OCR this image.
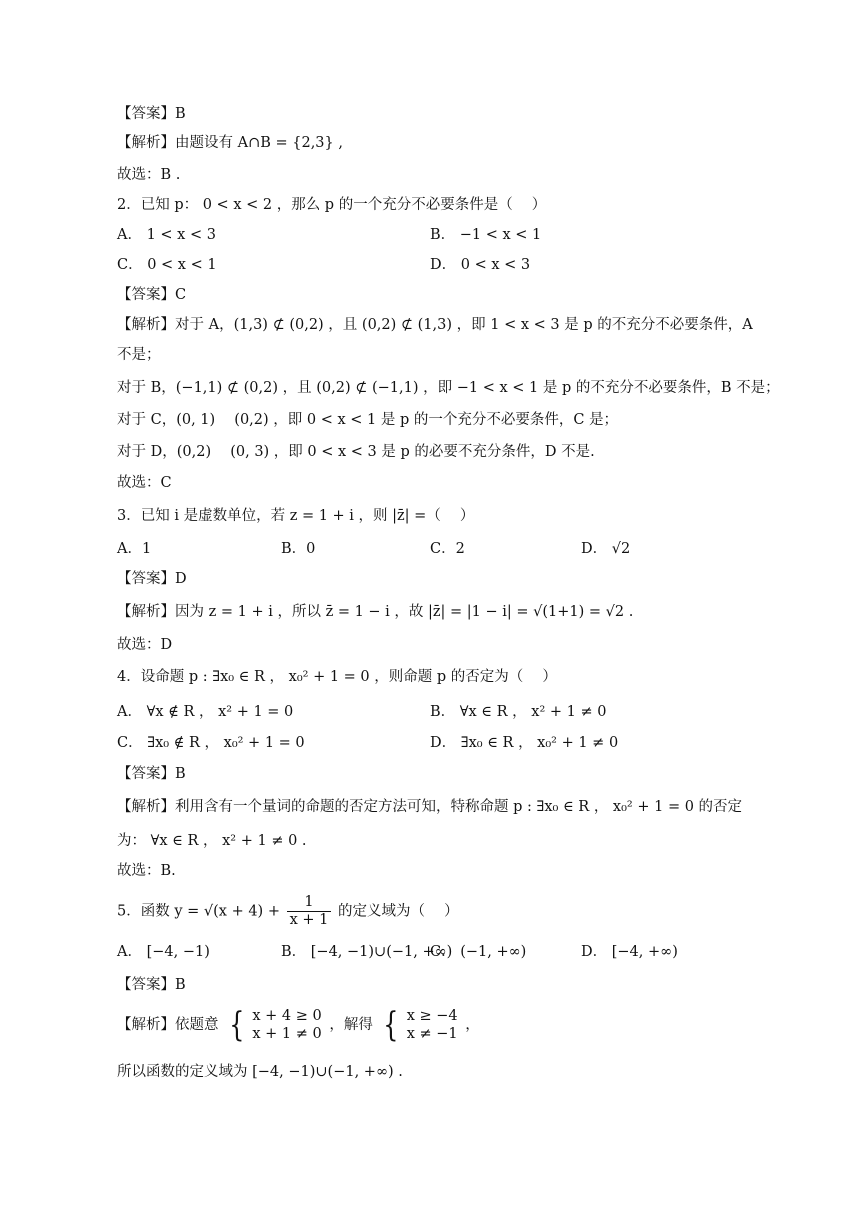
【答案】B
【解析】由题设有 A∩B = {2,3} ,
故选：B .
2．已知 p： 0 < x < 2 ，那么 p 的一个充分不必要条件是（　 ）
A． 1 < x < 3	B． −1 < x < 1
C． 0 < x < 1	D． 0 < x < 3
【答案】C
【解析】对于 A，(1,3) ⊄ (0,2) ，且 (0,2) ⊄ (1,3) ，即 1 < x < 3 是 p 的不充分不必要条件，A
不是；
对于 B，(−1,1) ⊄ (0,2) ，且 (0,2) ⊄ (−1,1) ，即 −1 < x < 1 是 p 的不充分不必要条件，B 不是；
对于 C，(0, 1)　 (0,2) ，即 0 < x < 1 是 p 的一个充分不必要条件，C 是；
对于 D，(0,2)　 (0, 3) ，即 0 < x < 3 是 p 的必要不充分条件，D 不是.
故选：C
3．已知 i 是虚数单位，若 z = 1 + i ，则 |z̄| =（　 ）
A．1	B．0	C．2	D． √2
【答案】D
【解析】因为 z = 1 + i ，所以 z̄ = 1 − i ，故 |z̄| = |1 − i| = √(1+1) = √2 .
故选：D
4．设命题 p : ∃x₀ ∈ R ， x₀² + 1 = 0 ，则命题 p 的否定为（　 ）
A． ∀x ∉ R ， x² + 1 = 0	B． ∀x ∈ R ， x² + 1 ≠ 0
C． ∃x₀ ∉ R ， x₀² + 1 = 0	D． ∃x₀ ∈ R ， x₀² + 1 ≠ 0
【答案】B
【解析】利用含有一个量词的命题的否定方法可知，特称命题 p : ∃x₀ ∈ R ， x₀² + 1 = 0 的否定
为： ∀x ∈ R ， x² + 1 ≠ 0 .
故选：B.
5．函数 $y = √(x + 4) + \frac{1}{x + 1}$ 的定义域为（　 ）
A． [−4, −1)	B． [−4, −1)∪(−1, +∞)
C． (−1, +∞)	D． [−4, +∞)
【答案】B
【解析】依题意 { x + 4 ≥ 0
x + 1 ≠ 0
，解得 { x ≥ −4
x ≠ −1
，
所以函数的定义域为 [−4, −1)∪(−1, +∞) .
